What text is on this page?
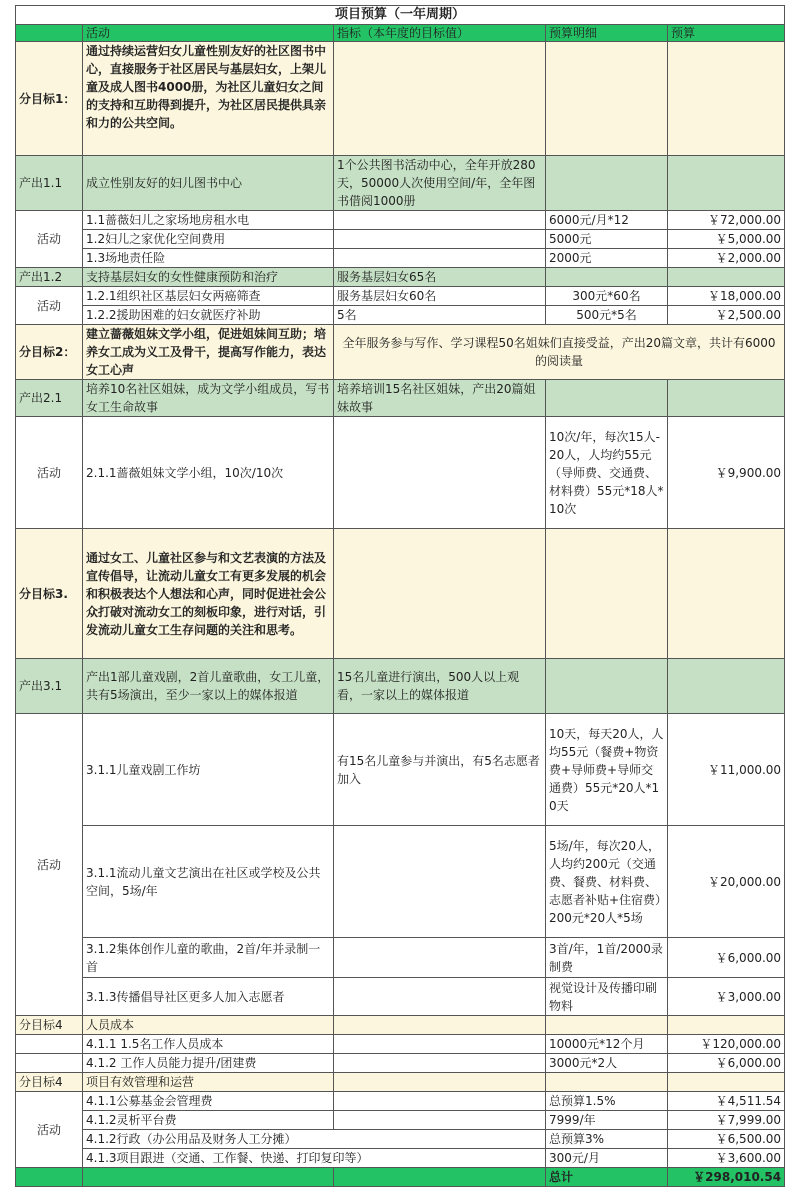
项目预算（一年周期）				
	活动	指标（本年度的目标值）	预算明细	预算
分目标1：	通过持续运营妇女儿童性别友好的社区图书中心，直接服务于社区居民与基层妇女，上架儿童及成人图书4000册，为社区儿童妇女之间的支持和互助得到提升，为社区居民提供具亲和力的公共空间。			
产出1.1	成立性别友好的妇儿图书中心	1个公共图书活动中心，全年开放280天，50000人次使用空间/年，全年图书借阅1000册		
活动	1.1蔷薇妇儿之家场地房租水电		6000元/月*12	￥72,000.00
	1.2妇儿之家优化空间费用		5000元	￥5,000.00
	1.3场地责任险		2000元	￥2,000.00
产出1.2	支持基层妇女的女性健康预防和治疗	服务基层妇女65名		
活动	1.2.1组织社区基层妇女两癌筛查	服务基层妇女60名	300元*60名	￥18,000.00
	1.2.2援助困难的妇女就医疗补助	5名	500元*5名	￥2,500.00
分目标2：	建立蔷薇姐妹文学小组，促进姐妹间互助；培养女工成为义工及骨干，提高写作能力，表达女工心声	全年服务参与写作、学习课程50名姐妹们直接受益，产出20篇文章，共计有6000的阅读量		
产出2.1	培养10名社区姐妹，成为文学小组成员，写书女工生命故事	培养培训15名社区姐妹，产出20篇姐妹故事		
活动	2.1.1蔷薇姐妹文学小组，10次/10次		10次/年，每次15人-20人，人均约55元（导师费、交通费、材料费）55元*18人*10次	￥9,900.00
分目标3.	通过女工、儿童社区参与和文艺表演的方法及宣传倡导，让流动儿童女工有更多发展的机会和积极表达个人想法和心声，同时促进社会公众打破对流动女工的刻板印象，进行对话，引发流动儿童女工生存问题的关注和思考。			
产出3.1	产出1部儿童戏剧，2首儿童歌曲，女工儿童，共有5场演出，至少一家以上的媒体报道	15名儿童进行演出，500人以上观看，一家以上的媒体报道		
活动	3.1.1儿童戏剧工作坊	有15名儿童参与并演出，有5名志愿者加入	10天，每天20人，人均55元（餐费+物资费+导师费+导师交通费）55元*20人*10天	￥11,000.00
	3.1.1流动儿童文艺演出在社区或学校及公共空间，5场/年		5场/年，每次20人，人均约200元（交通费、餐费、材料费、志愿者补贴+住宿费）200元*20人*5场	￥20,000.00
	3.1.2集体创作儿童的歌曲，2首/年并录制一首		3首/年，1首/2000录制费	￥6,000.00
	3.1.3传播倡导社区更多人加入志愿者		视觉设计及传播印刷物料	￥3,000.00
分目标4	人员成本			
	4.1.1 1.5名工作人员成本		10000元*12个月	￥120,000.00
	4.1.2 工作人员能力提升/团建费		3000元*2人	￥6,000.00
分目标4	项目有效管理和运营			
活动	4.1.1公募基金会管理费		总预算1.5%	￥4,511.54
	4.1.2灵析平台费		7999/年	￥7,999.00
	4.1.2行政（办公用品及财务人工分摊）		总预算3%	￥6,500.00
	4.1.3项目跟进（交通、工作餐、快递、打印复印等）		300元/月	￥3,600.00
			总计	￥298,010.54
